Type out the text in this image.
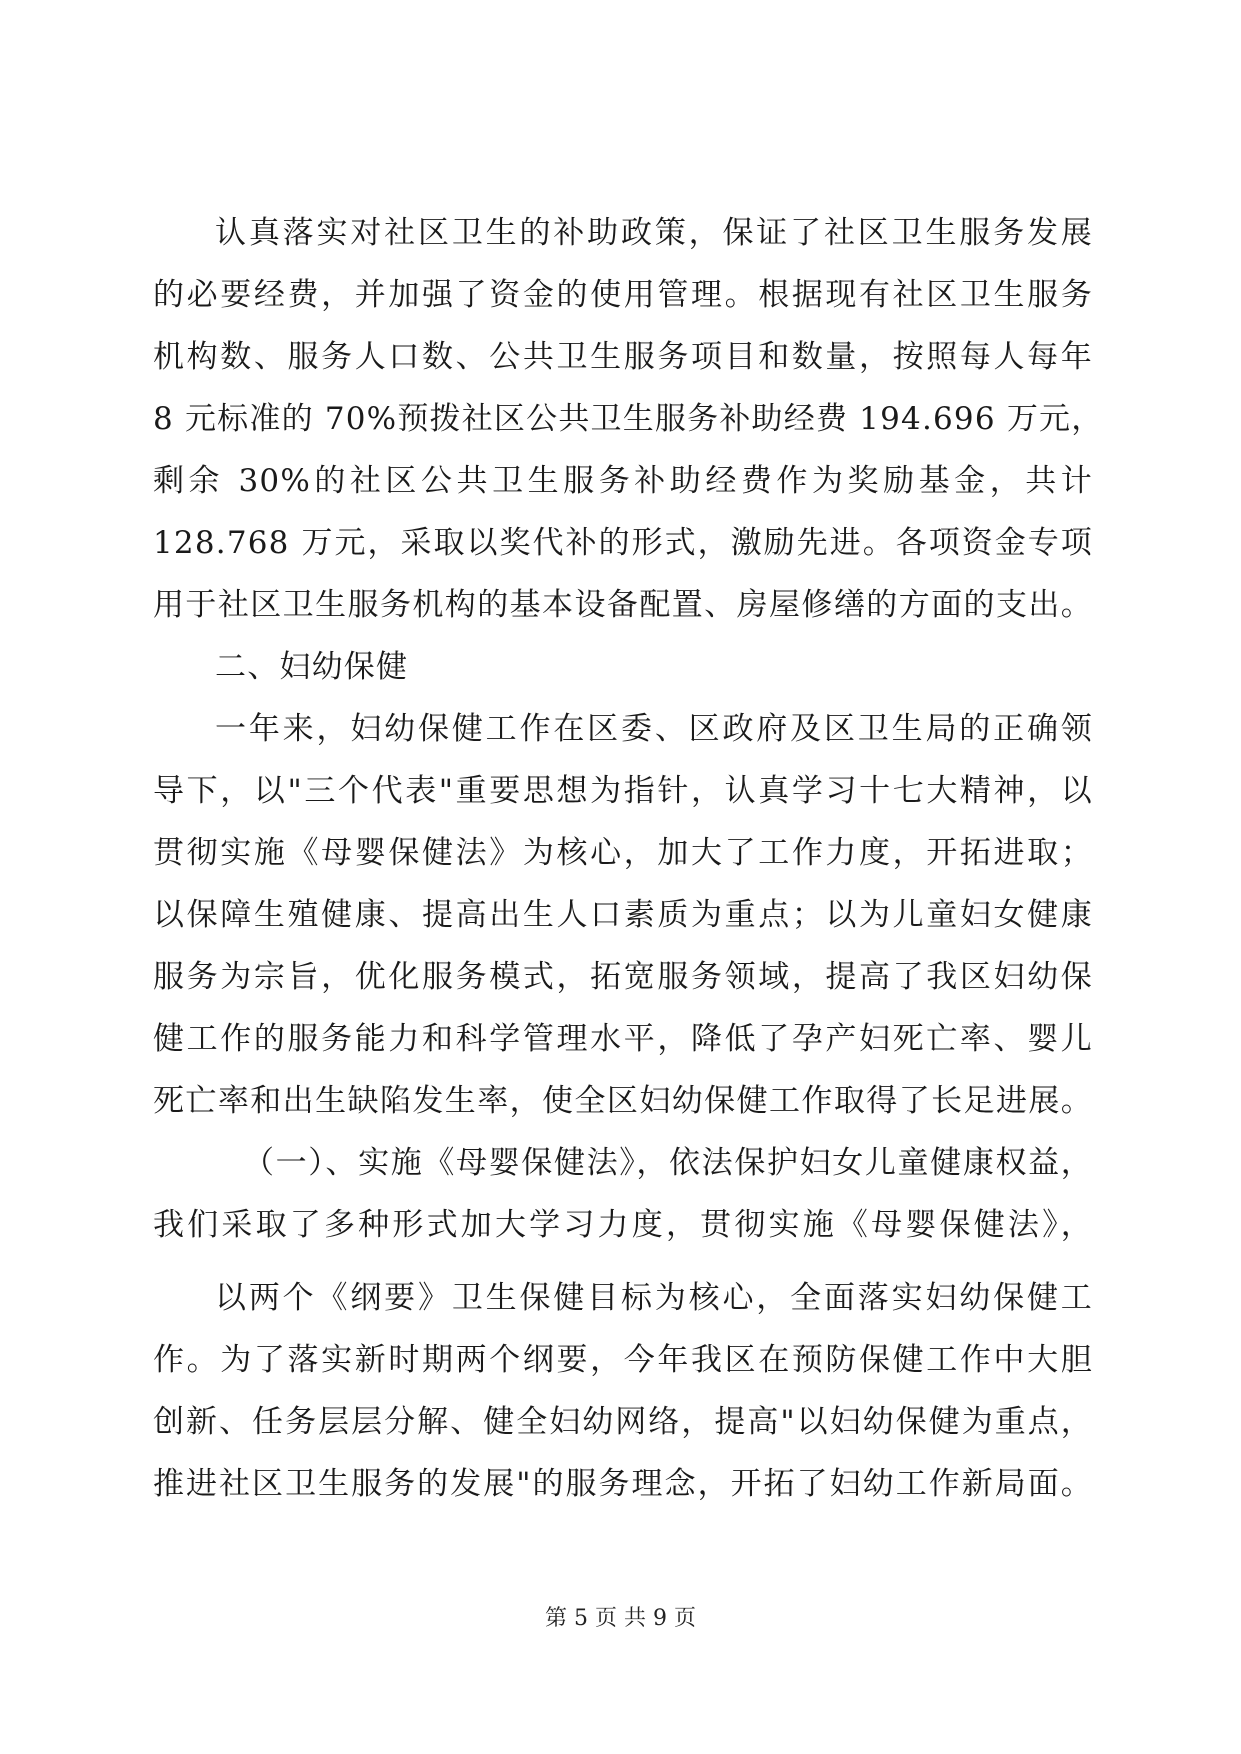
认真落实对社区卫生的补助政策，保证了社区卫生服务发展
的必要经费，并加强了资金的使用管理。根据现有社区卫生服务
机构数、服务人口数、公共卫生服务项目和数量，按照每人每年
8 元标准的 70%预拨社区公共卫生服务补助经费 194.696 万元，
剩余 30%的社区公共卫生服务补助经费作为奖励基金，共计
128.768 万元，采取以奖代补的形式，激励先进。各项资金专项
用于社区卫生服务机构的基本设备配置、房屋修缮的方面的支出。
二、妇幼保健
一年来，妇幼保健工作在区委、区政府及区卫生局的正确领
导下，以"三个代表"重要思想为指针，认真学习十七大精神，以
贯彻实施《母婴保健法》为核心，加大了工作力度，开拓进取；
以保障生殖健康、提高出生人口素质为重点；以为儿童妇女健康
服务为宗旨，优化服务模式，拓宽服务领域，提高了我区妇幼保
健工作的服务能力和科学管理水平，降低了孕产妇死亡率、婴儿
死亡率和出生缺陷发生率，使全区妇幼保健工作取得了长足进展。
（一）、实施《母婴保健法》，依法保护妇女儿童健康权益，
我们采取了多种形式加大学习力度，贯彻实施《母婴保健法》，
以两个《纲要》卫生保健目标为核心，全面落实妇幼保健工
作。为了落实新时期两个纲要，今年我区在预防保健工作中大胆
创新、任务层层分解、健全妇幼网络，提高"以妇幼保健为重点，
推进社区卫生服务的发展"的服务理念，开拓了妇幼工作新局面。
第 5 页 共 9 页
